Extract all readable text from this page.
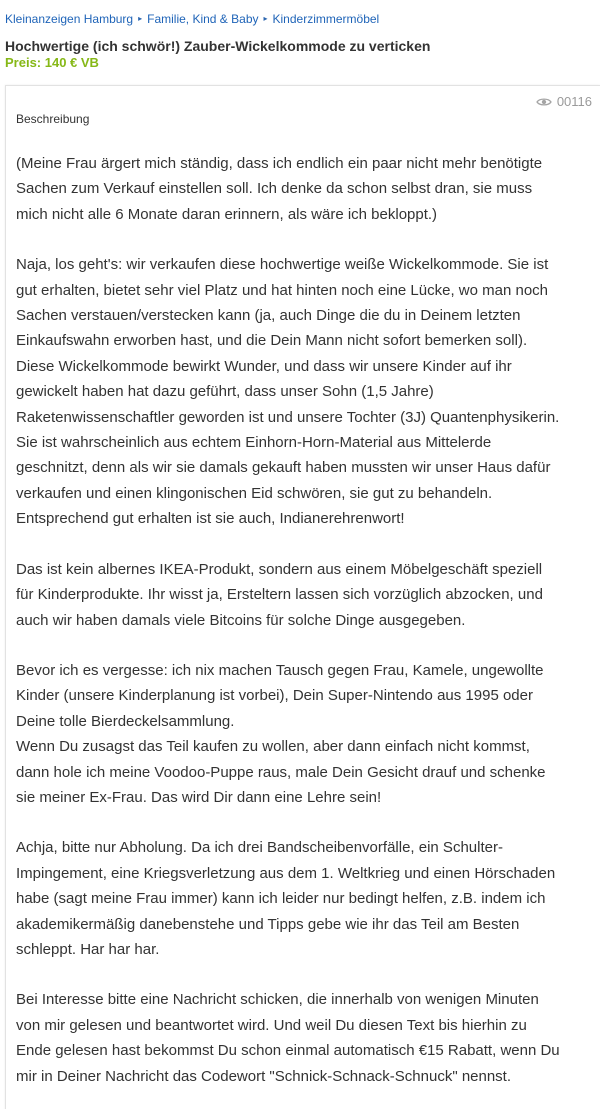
Kleinanzeigen Hamburg ▸ Familie, Kind & Baby ▸ Kinderzimmermöbel
Hochwertige (ich schwör!) Zauber-Wickelkommode zu verticken
Preis: 140 € VB
00116
Beschreibung

(Meine Frau ärgert mich ständig, dass ich endlich ein paar nicht mehr benötigte
Sachen zum Verkauf einstellen soll. Ich denke da schon selbst dran, sie muss
mich nicht alle 6 Monate daran erinnern, als wäre ich bekloppt.)

Naja, los geht's: wir verkaufen diese hochwertige weiße Wickelkommode. Sie ist
gut erhalten, bietet sehr viel Platz und hat hinten noch eine Lücke, wo man noch
Sachen verstauen/verstecken kann (ja, auch Dinge die du in Deinem letzten
Einkaufswahn erworben hast, und die Dein Mann nicht sofort bemerken soll).
Diese Wickelkommode bewirkt Wunder, und dass wir unsere Kinder auf ihr
gewickelt haben hat dazu geführt, dass unser Sohn (1,5 Jahre)
Raketenwissenschaftler geworden ist und unsere Tochter (3J) Quantenphysikerin.
Sie ist wahrscheinlich aus echtem Einhorn-Horn-Material aus Mittelerde
geschnitzt, denn als wir sie damals gekauft haben mussten wir unser Haus dafür
verkaufen und einen klingonischen Eid schwören, sie gut zu behandeln.
Entsprechend gut erhalten ist sie auch, Indianerehrenwort!

Das ist kein albernes IKEA-Produkt, sondern aus einem Möbelgeschäft speziell
für Kinderprodukte. Ihr wisst ja, Ersteltern lassen sich vorzüglich abzocken, und
auch wir haben damals viele Bitcoins für solche Dinge ausgegeben.

Bevor ich es vergesse: ich nix machen Tausch gegen Frau, Kamele, ungewollte
Kinder (unsere Kinderplanung ist vorbei), Dein Super-Nintendo aus 1995 oder
Deine tolle Bierdeckelsammlung.
Wenn Du zusagst das Teil kaufen zu wollen, aber dann einfach nicht kommst,
dann hole ich meine Voodoo-Puppe raus, male Dein Gesicht drauf und schenke
sie meiner Ex-Frau. Das wird Dir dann eine Lehre sein!

Achja, bitte nur Abholung. Da ich drei Bandscheibenvorfälle, ein Schulter-
Impingement, eine Kriegsverletzung aus dem 1. Weltkrieg und einen Hörschaden
habe (sagt meine Frau immer) kann ich leider nur bedingt helfen, z.B. indem ich
akademikermäßig danebenstehe und Tipps gebe wie ihr das Teil am Besten
schleppt. Har har har.

Bei Interesse bitte eine Nachricht schicken, die innerhalb von wenigen Minuten
von mir gelesen und beantwortet wird. Und weil Du diesen Text bis hierhin zu
Ende gelesen hast bekommst Du schon einmal automatisch €15 Rabatt, wenn Du
mir in Deiner Nachricht das Codewort "Schnick-Schnack-Schnuck" nennst.
